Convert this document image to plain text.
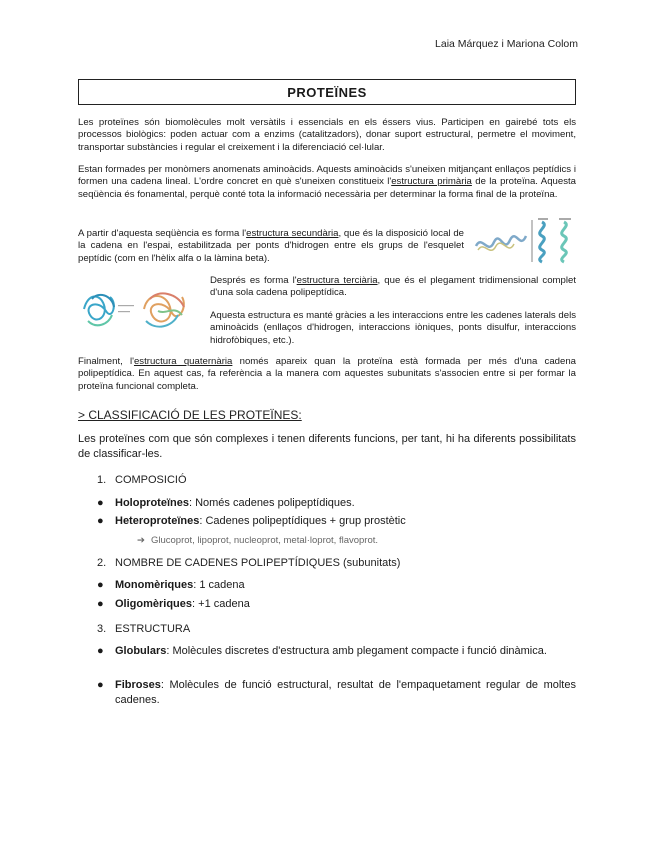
Laia Márquez i Mariona Colom
PROTEÏNES
Les proteïnes són biomolècules molt versàtils i essencials en els éssers vius. Participen en gairebé tots els processos biològics: poden actuar com a enzims (catalitzadors), donar suport estructural, permetre el moviment, transportar substàncies i regular el creixement i la diferenciació cel·lular.
Estan formades per monòmers anomenats aminoàcids. Aquests aminoàcids s'uneixen mitjançant enllaços peptídics i formen una cadena lineal. L'ordre concret en què s'uneixen constitueix l'estructura primària de la proteïna. Aquesta seqüència és fonamental, perquè conté tota la informació necessària per determinar la forma final de la proteïna.
A partir d'aquesta seqüència es forma l'estructura secundària, que és la disposició local de la cadena en l'espai, estabilitzada per ponts d'hidrogen entre els grups de l'esquelet peptídic (com en l'hèlix alfa o la làmina beta).
Després es forma l'estructura terciària, que és el plegament tridimensional complet d'una sola cadena polipeptídica.
Aquesta estructura es manté gràcies a les interaccions entre les cadenes laterals dels aminoàcids (enllaços d'hidrogen, interaccions iòniques, ponts disulfur, interaccions hidrofòbiques, etc.).
Finalment, l'estructura quaternària només apareix quan la proteïna està formada per més d'una cadena polipeptídica. En aquest cas, fa referència a la manera com aquestes subunitats s'associen entre si per formar la proteïna funcional completa.
> CLASSIFICACIÓ DE LES PROTEÏNES:
Les proteïnes com que són complexes i tenen diferents funcions, per tant, hi ha diferents possibilitats de classificar-les.
1. COMPOSICIÓ
●	Holoproteïnes: Només cadenes polipeptídiques.
●	Heteroproteïnes: Cadenes polipeptídiques + grup prostètic
➔ Glucoprot, lipoprot, nucleoprot, metal·loprot, flavoprot.
2. NOMBRE DE CADENES POLIPEPTÍDIQUES (subunitats)
●	Monomèriques: 1 cadena
●	Oligomèriques: +1 cadena
3. ESTRUCTURA
●	Globulars: Molècules discretes d'estructura amb plegament compacte i funció dinàmica.
●	Fibroses: Molècules de funció estructural, resultat de l'empaquetament regular de moltes cadenes.
